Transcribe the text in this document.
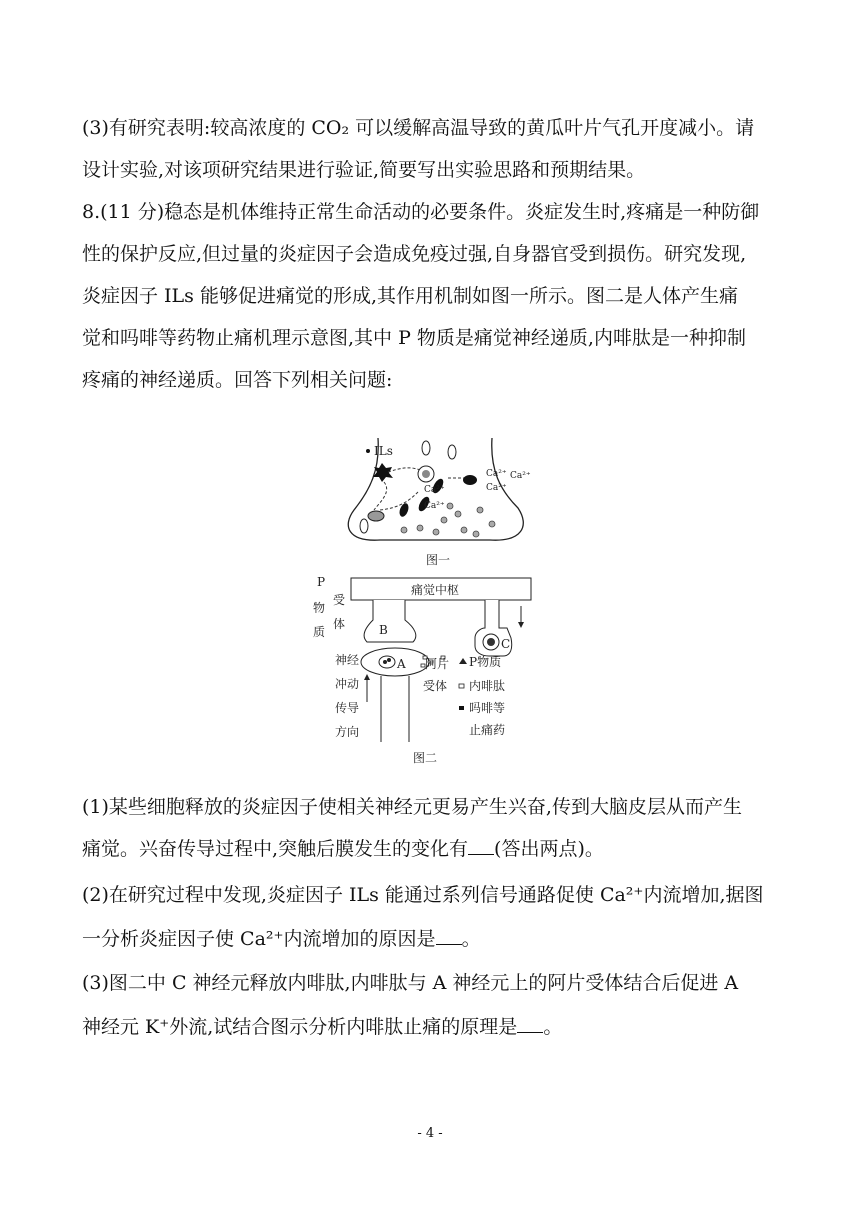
(3)有研究表明:较高浓度的 CO₂ 可以缓解高温导致的黄瓜叶片气孔开度减小。请
设计实验,对该项研究结果进行验证,简要写出实验思路和预期结果。
8.(11 分)稳态是机体维持正常生命活动的必要条件。炎症发生时,疼痛是一种防御
性的保护反应,但过量的炎症因子会造成免疫过强,自身器官受到损伤。研究发现,
炎症因子 ILs 能够促进痛觉的形成,其作用机制如图一所示。图二是人体产生痛
觉和吗啡等药物止痛机理示意图,其中 P 物质是痛觉神经递质,内啡肽是一种抑制
疼痛的神经递质。回答下列相关问题:
ILs
Ca²⁺ Ca²⁺
Ca²⁺
Ca²⁺
Ca²⁺
图一
痛觉中枢
P
物
质
受
体	B
C
A
神经
冲动
传导
方向
阿片
受体
P物质
内啡肽
吗啡等
止痛药
图二
(1)某些细胞释放的炎症因子使相关神经元更易产生兴奋,传到大脑皮层从而产生
痛觉。兴奋传导过程中,突触后膜发生的变化有 (答出两点)。
(2)在研究过程中发现,炎症因子 ILs 能通过系列信号通路促使 Ca²⁺内流增加,据图
一分析炎症因子使 Ca²⁺内流增加的原因是 。
(3)图二中 C 神经元释放内啡肽,内啡肽与 A 神经元上的阿片受体结合后促进 A
神经元 K⁺外流,试结合图示分析内啡肽止痛的原理是 。
- 4 -
